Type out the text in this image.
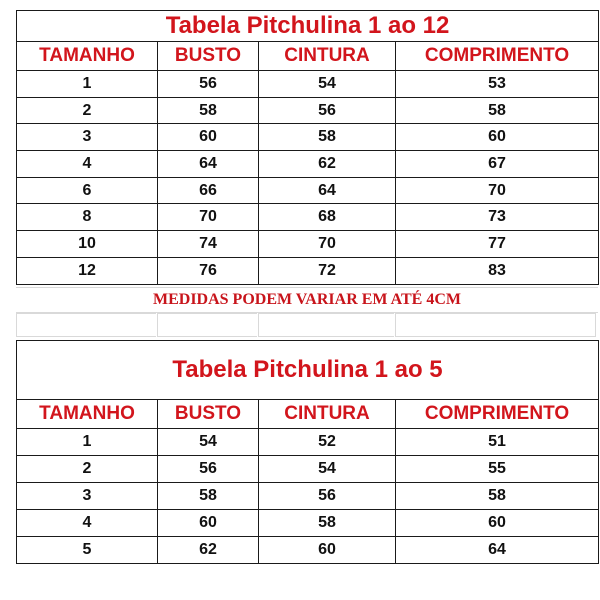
Tabela Pitchulina 1 ao 12			
TAMANHO	BUSTO	CINTURA	COMPRIMENTO
1	56	54	53
2	58	56	58
3	60	58	60
4	64	62	67
6	66	64	70
8	70	68	73
10	74	70	77
12	76	72	83
MEDIDAS PODEM VARIAR EM ATÉ 4CM
Tabela Pitchulina 1 ao 5			
TAMANHO	BUSTO	CINTURA	COMPRIMENTO
1	54	52	51
2	56	54	55
3	58	56	58
4	60	58	60
5	62	60	64
